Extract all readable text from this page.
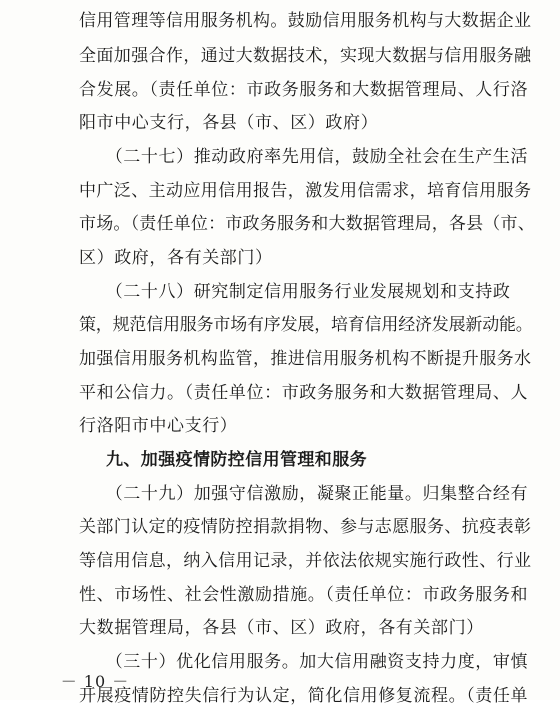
信用管理等信用服务机构。鼓励信用服务机构与大数据企业
全面加强合作，通过大数据技术，实现大数据与信用服务融
合发展。（责任单位：市政务服务和大数据管理局、人行洛
阳市中心支行，各县（市、区）政府）
　　（二十七）推动政府率先用信，鼓励全社会在生产生活
中广泛、主动应用信用报告，激发用信需求，培育信用服务
市场。（责任单位：市政务服务和大数据管理局，各县（市、
区）政府，各有关部门）
　　（二十八）研究制定信用服务行业发展规划和支持政
策，规范信用服务市场有序发展，培育信用经济发展新动能。
加强信用服务机构监管，推进信用服务机构不断提升服务水
平和公信力。（责任单位：市政务服务和大数据管理局、人
行洛阳市中心支行）
九、加强疫情防控信用管理和服务
　　（二十九）加强守信激励，凝聚正能量。归集整合经有
关部门认定的疫情防控捐款捐物、参与志愿服务、抗疫表彰
等信用信息，纳入信用记录，并依法依规实施行政性、行业
性、市场性、社会性激励措施。（责任单位：市政务服务和
大数据管理局，各县（市、区）政府，各有关部门）
　　（三十）优化信用服务。加大信用融资支持力度，审慎
开展疫情防控失信行为认定，简化信用修复流程。（责任单
－ 10 －
